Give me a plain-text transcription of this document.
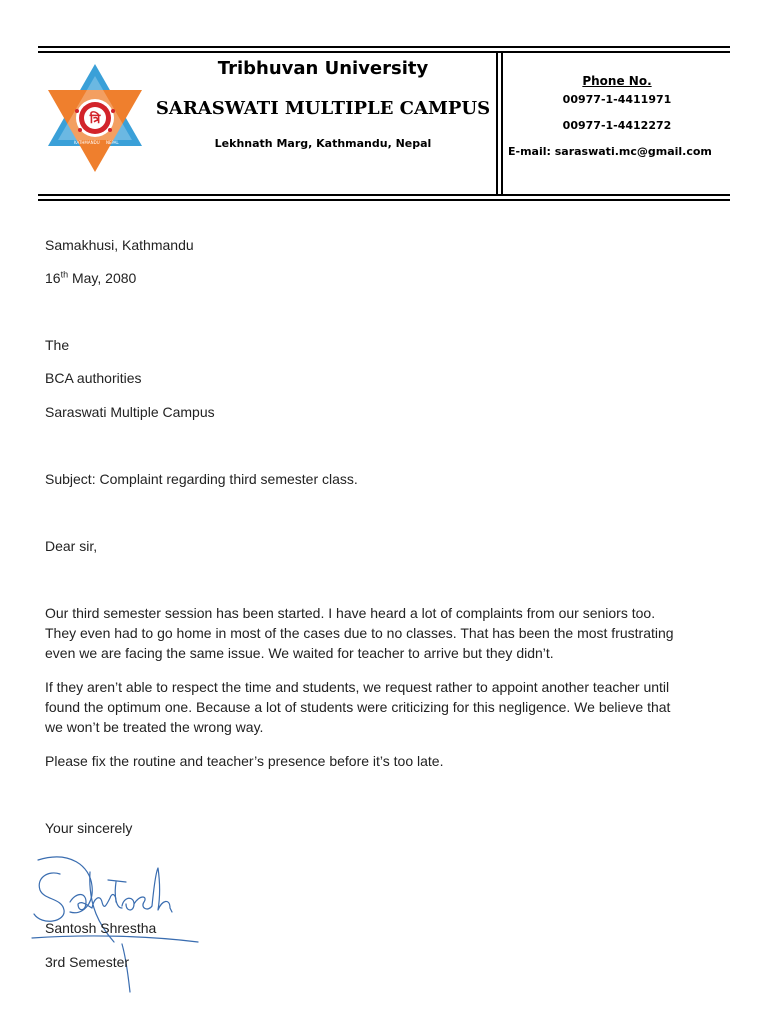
त्रि
KATHMANDU NEPAL
Tribhuvan University
SARASWATI MULTIPLE CAMPUS
Lekhnath Marg, Kathmandu, Nepal
Phone No.
00977-1-4411971
00977-1-4412272
E-mail: saraswati.mc@gmail.com
Samakhusi, Kathmandu
16th May, 2080
The
BCA authorities
Saraswati Multiple Campus
Subject: Complaint regarding third semester class.
Dear sir,
Our third semester session has been started. I have heard a lot of complaints from our seniors too.
They even had to go home in most of the cases due to no classes. That has been the most frustrating
even we are facing the same issue. We waited for teacher to arrive but they didn’t.
If they aren’t able to respect the time and students, we request rather to appoint another teacher until
found the optimum one. Because a lot of students were criticizing for this negligence. We believe that
we won’t be treated the wrong way.
Please fix the routine and teacher’s presence before it’s too late.
Your sincerely
Santosh
Santosh Shrestha
3rd Semester
